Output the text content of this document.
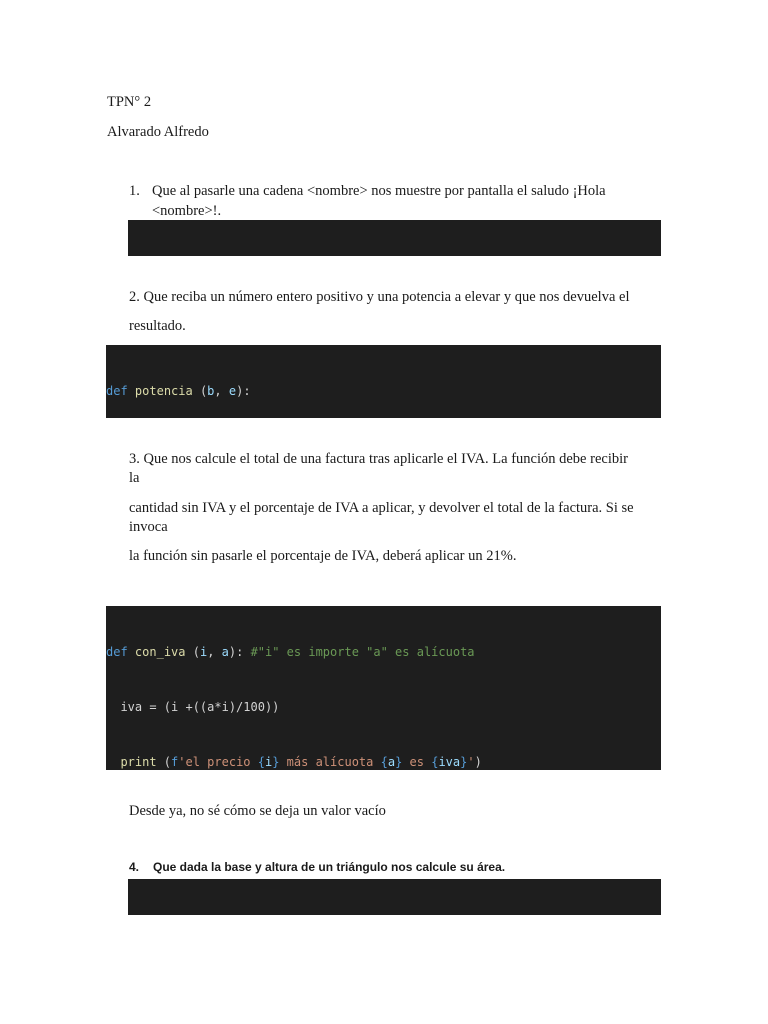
TPN° 2
Alvarado Alfredo
1. Que al pasarle una cadena <nombre> nos muestre por pantalla el saludo ¡Hola
<nombre>!.

2. Que reciba un número entero positivo y una potencia a elevar y que nos devuelva el
resultado.

def potencia (b, e):

3. Que nos calcule el total de una factura tras aplicarle el IVA. La función debe recibir
la
cantidad sin IVA y el porcentaje de IVA a aplicar, y devolver el total de la factura. Si se
invoca
la función sin pasarle el porcentaje de IVA, deberá aplicar un 21%.

def con_iva (i, a): #"i" es importe "a" es alícuota

iva = (i +((a*i)/100))

print (f'el precio {i} más alícuota {a} es {iva}')

Desde ya, no sé cómo se deja un valor vacío
4. Que dada la base y altura de un triángulo nos calcule su área.
